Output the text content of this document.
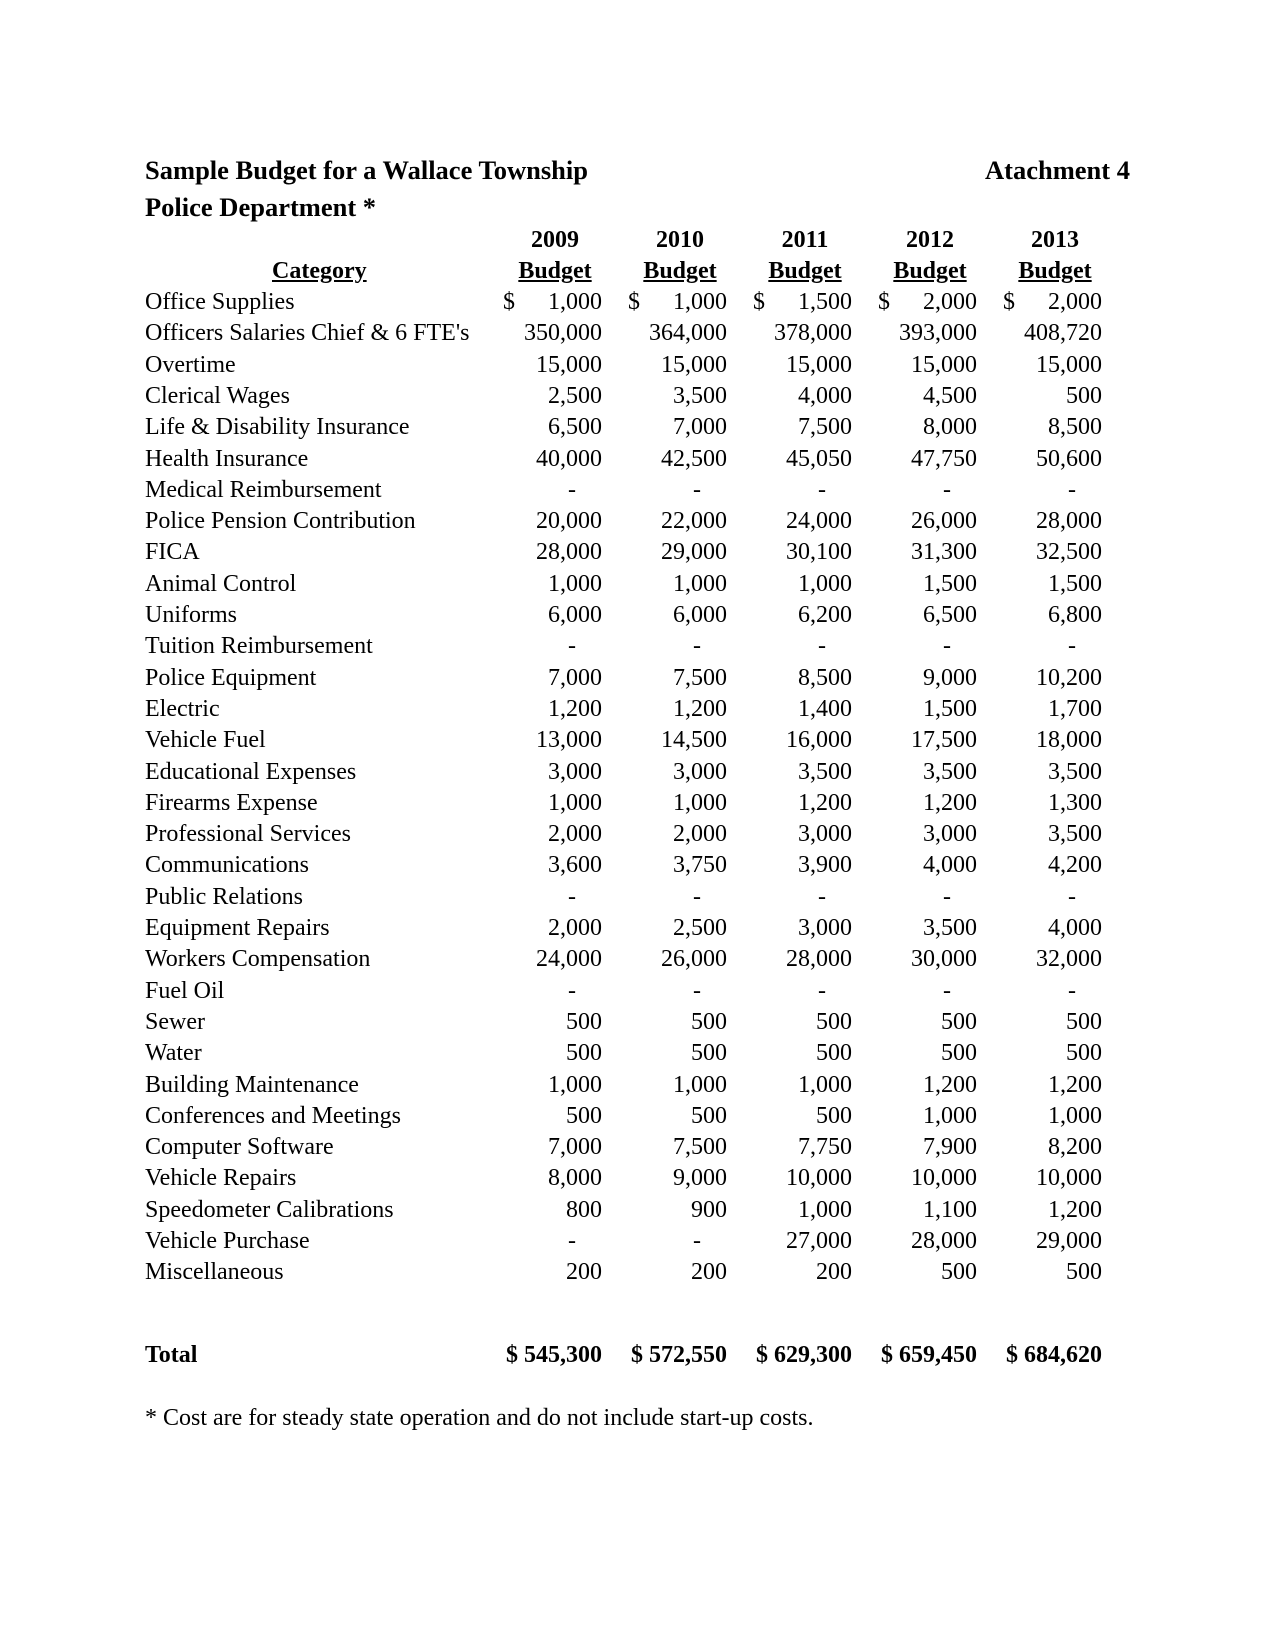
Sample Budget for a Wallace Township
Police Department *
Atachment 4
2009	2010	2011	2012	2013
Category	Budget	Budget	Budget	Budget	Budget
Office Supplies	$ 1,000 $ 1,000 $ 1,500 $ 2,000 $ 2,000
Officers Salaries Chief & 6 FTE's 350,000 364,000 378,000 393,000 408,720
Overtime	15,000 15,000 15,000 15,000 15,000
Clerical Wages	2,500	3,500	4,000	4,500	500
Life & Disability Insurance	6,500	7,000	7,500	8,000	8,500
Health Insurance	40,000 42,500 45,050 47,750 50,600
Medical Reimbursement	-	-	-	-	-
Police Pension Contribution	20,000 22,000 24,000 26,000 28,000
FICA	28,000 29,000 30,100 31,300 32,500
Animal Control	1,000	1,000	1,000	1,500	1,500
Uniforms	6,000	6,000	6,200	6,500	6,800
Tuition Reimbursement	-	-	-	-	-
Police Equipment	7,000	7,500	8,500	9,000 10,200
Electric	1,200	1,200	1,400	1,500	1,700
Vehicle Fuel	13,000 14,500 16,000 17,500 18,000
Educational Expenses	3,000	3,000	3,500	3,500	3,500
Firearms Expense	1,000	1,000	1,200	1,200	1,300
Professional Services	2,000	2,000	3,000	3,000	3,500
Communications	3,600	3,750	3,900	4,000	4,200
Public Relations	-	-	-	-	-
Equipment Repairs	2,000	2,500	3,000	3,500	4,000
Workers Compensation	24,000 26,000 28,000 30,000 32,000
Fuel Oil	-	-	-	-	-
Sewer	500	500	500	500	500
Water	500	500	500	500	500
Building Maintenance	1,000	1,000	1,000	1,200	1,200
Conferences and Meetings	500	500	500	1,000	1,000
Computer Software	7,000	7,500	7,750	7,900	8,200
Vehicle Repairs	8,000	9,000 10,000 10,000 10,000
Speedometer Calibrations	800	900	1,000	1,100	1,200
Vehicle Purchase	-	-	27,000 28,000 29,000
Miscellaneous	200	200	200	500	500
Total	$ 545,300 $ 572,550 $ 629,300 $ 659,450 $ 684,620
* Cost are for steady state operation and do not include start-up costs.
